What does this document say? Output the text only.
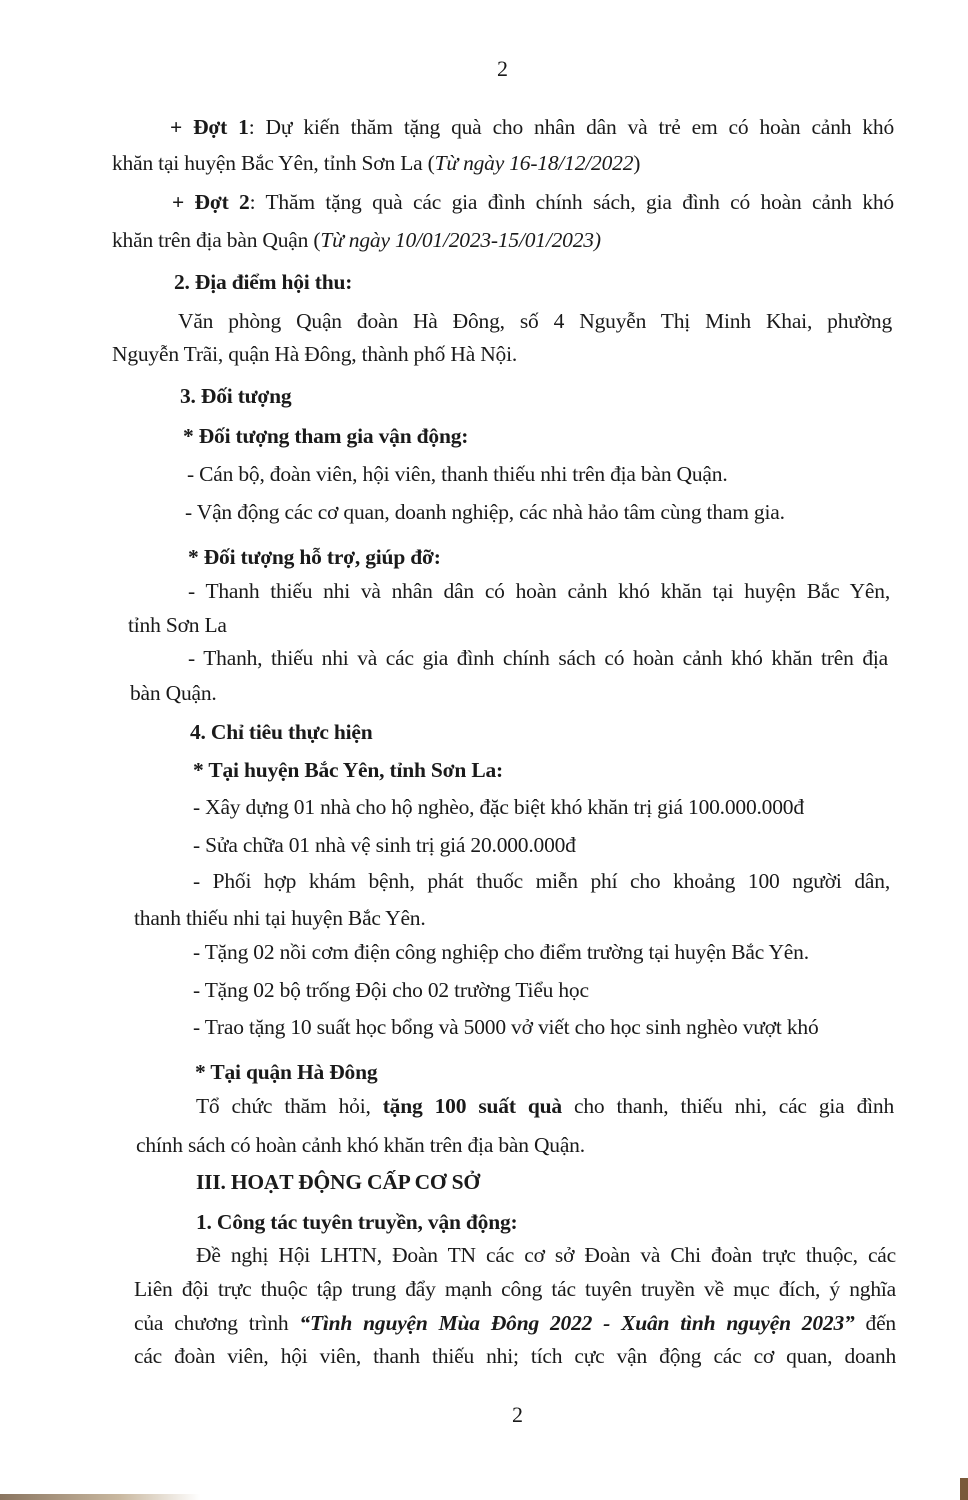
2
+ Đợt 1: Dự kiến thăm tặng quà cho nhân dân và trẻ em có hoàn cảnh khó
khăn tại huyện Bắc Yên, tỉnh Sơn La (Từ ngày 16-18/12/2022)
+ Đợt 2: Thăm tặng quà các gia đình chính sách, gia đình có hoàn cảnh khó
khăn trên địa bàn Quận (Từ ngày 10/01/2023-15/01/2023)
2. Địa điểm hội thu:
Văn phòng Quận đoàn Hà Đông, số 4 Nguyễn Thị Minh Khai, phường
Nguyễn Trãi, quận Hà Đông, thành phố Hà Nội.
3. Đối tượng
* Đối tượng tham gia vận động:
- Cán bộ, đoàn viên, hội viên, thanh thiếu nhi trên địa bàn Quận.
- Vận động các cơ quan, doanh nghiệp, các nhà hảo tâm cùng tham gia.
* Đối tượng hỗ trợ, giúp đỡ:
- Thanh thiếu nhi và nhân dân có hoàn cảnh khó khăn tại huyện Bắc Yên,
tỉnh Sơn La
- Thanh, thiếu nhi và các gia đình chính sách có hoàn cảnh khó khăn trên địa
bàn Quận.
4. Chỉ tiêu thực hiện
* Tại huyện Bắc Yên, tỉnh Sơn La:
- Xây dựng 01 nhà cho hộ nghèo, đặc biệt khó khăn trị giá 100.000.000đ
- Sửa chữa 01 nhà vệ sinh trị giá 20.000.000đ
- Phối hợp khám bệnh, phát thuốc miễn phí cho khoảng 100 người dân,
thanh thiếu nhi tại huyện Bắc Yên.
- Tặng 02 nồi cơm điện công nghiệp cho điểm trường tại huyện Bắc Yên.
- Tặng 02 bộ trống Đội cho 02 trường Tiểu học
- Trao tặng 10 suất học bổng và 5000 vở viết cho học sinh nghèo vượt khó
* Tại quận Hà Đông
Tổ chức thăm hỏi, tặng 100 suất quà cho thanh, thiếu nhi, các gia đình
chính sách có hoàn cảnh khó khăn trên địa bàn Quận.
III. HOẠT ĐỘNG CẤP CƠ SỞ
1. Công tác tuyên truyền, vận động:
Đề nghị Hội LHTN, Đoàn TN các cơ sở Đoàn và Chi đoàn trực thuộc, các
Liên đội trực thuộc tập trung đẩy mạnh công tác tuyên truyền về mục đích, ý nghĩa
của chương trình “Tình nguyện Mùa Đông 2022 - Xuân tình nguyện 2023” đến
các đoàn viên, hội viên, thanh thiếu nhi; tích cực vận động các cơ quan, doanh
2
